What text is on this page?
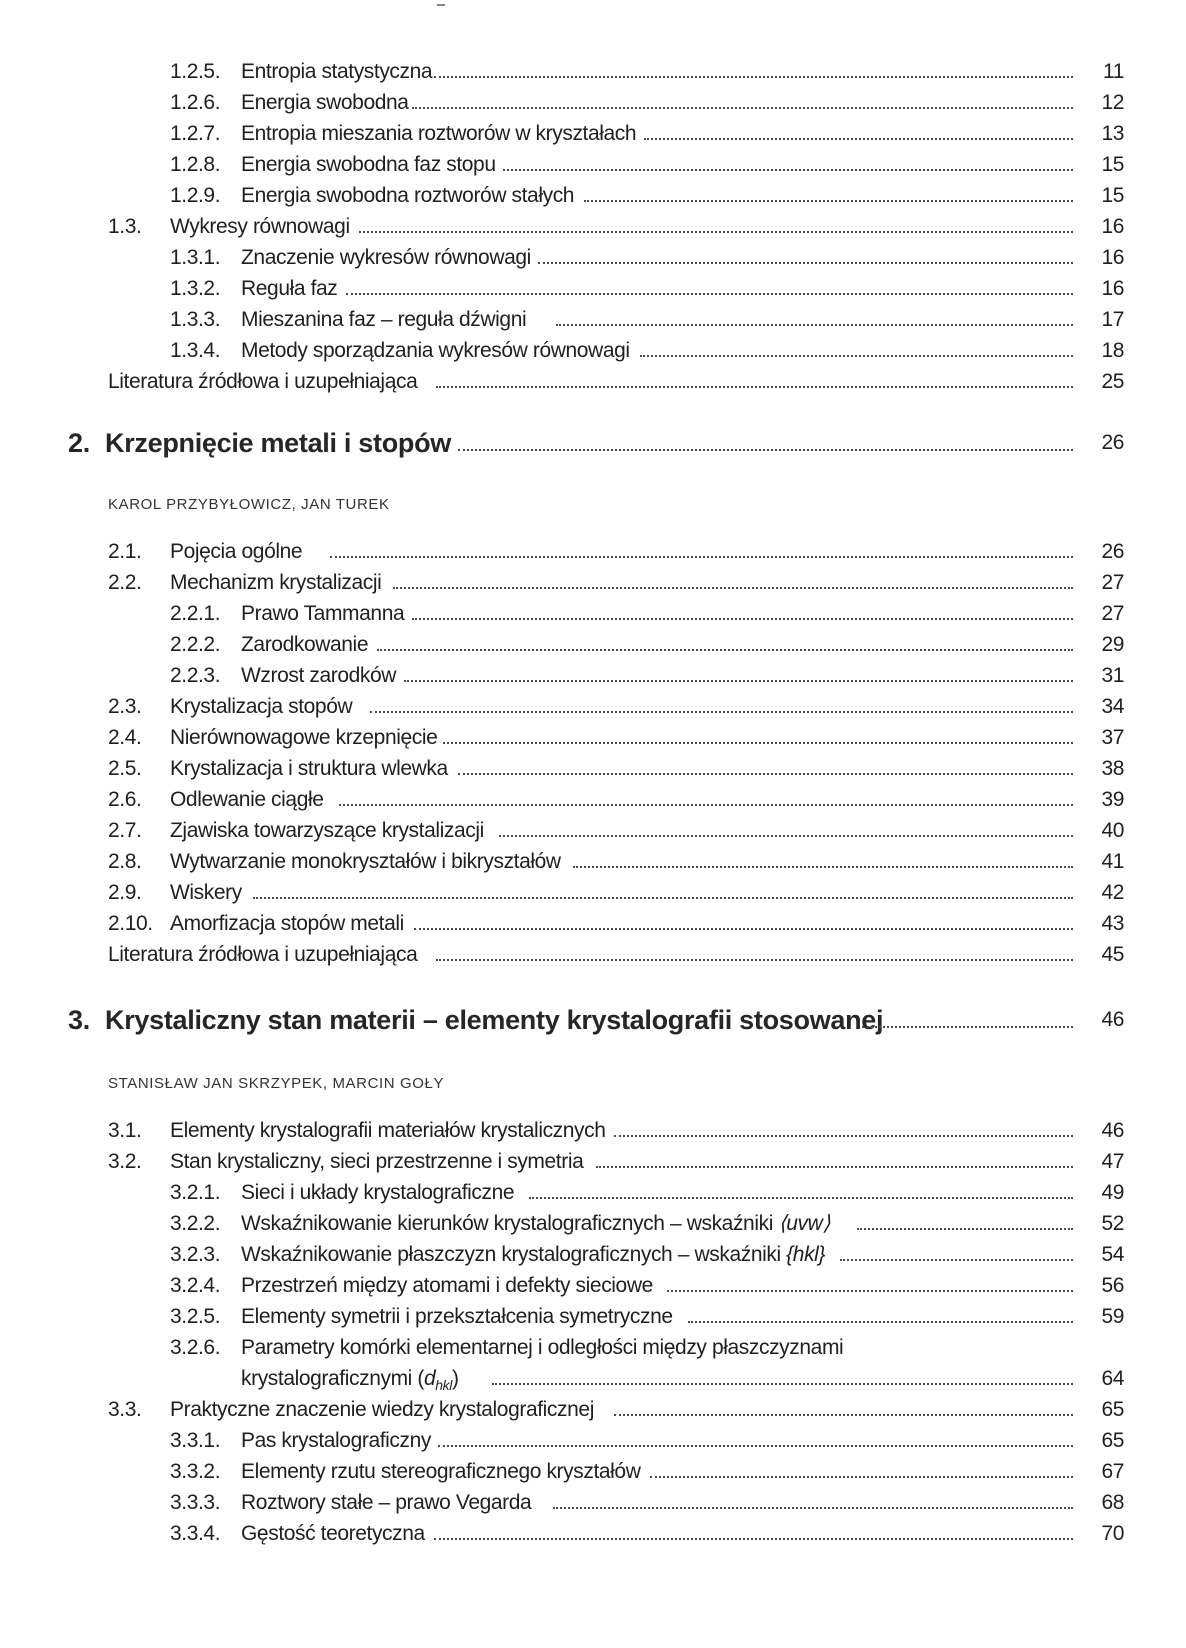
1.2.5. Entropia statystyczna	11
1.2.6. Energia swobodna	12
1.2.7. Entropia mieszania roztworów w kryształach	13
1.2.8. Energia swobodna faz stopu	15
1.2.9. Energia swobodna roztworów stałych	15
1.3. Wykresy równowagi	16
1.3.1. Znaczenie wykresów równowagi	16
1.3.2. Reguła faz	16
1.3.3. Mieszanina faz – reguła dźwigni	17
1.3.4. Metody sporządzania wykresów równowagi	18
Literatura źródłowa i uzupełniająca	25
2. Krzepnięcie metali i stopów	26
KAROL PRZYBYŁOWICZ, JAN TUREK
2.1. Pojęcia ogólne	26
2.2. Mechanizm krystalizacji	27
2.2.1. Prawo Tammanna	27
2.2.2. Zarodkowanie	29
2.2.3. Wzrost zarodków	31
2.3. Krystalizacja stopów	34
2.4. Nierównowagowe krzepnięcie	37
2.5. Krystalizacja i struktura wlewka	38
2.6. Odlewanie ciągłe	39
2.7. Zjawiska towarzyszące krystalizacji	40
2.8. Wytwarzanie monokryształów i bikryształów	41
2.9. Wiskery	42
2.10. Amorfizacja stopów metali	43
Literatura źródłowa i uzupełniająca	45
3. Krystaliczny stan materii – elementy krystalografii stosowanej	46
STANISŁAW JAN SKRZYPEK, MARCIN GOŁY
3.1. Elementy krystalografii materiałów krystalicznych	46
3.2. Stan krystaliczny, sieci przestrzenne i symetria	47
3.2.1. Sieci i układy krystalograficzne	49
3.2.2. Wskaźnikowanie kierunków krystalograficznych – wskaźniki ⟨uvw⟩	52
3.2.3. Wskaźnikowanie płaszczyzn krystalograficznych – wskaźniki {hkl}	54
3.2.4. Przestrzeń między atomami i defekty sieciowe	56
3.2.5. Elementy symetrii i przekształcenia symetryczne	59
3.2.6. Parametry komórki elementarnej i odległości między płaszczyznami
krystalograficznymi $(d_{hkl})$	64
3.3. Praktyczne znaczenie wiedzy krystalograficznej	65
3.3.1. Pas krystalograficzny	65
3.3.2. Elementy rzutu stereograficznego kryształów	67
3.3.3. Roztwory stałe – prawo Vegarda	68
3.3.4. Gęstość teoretyczna	70
